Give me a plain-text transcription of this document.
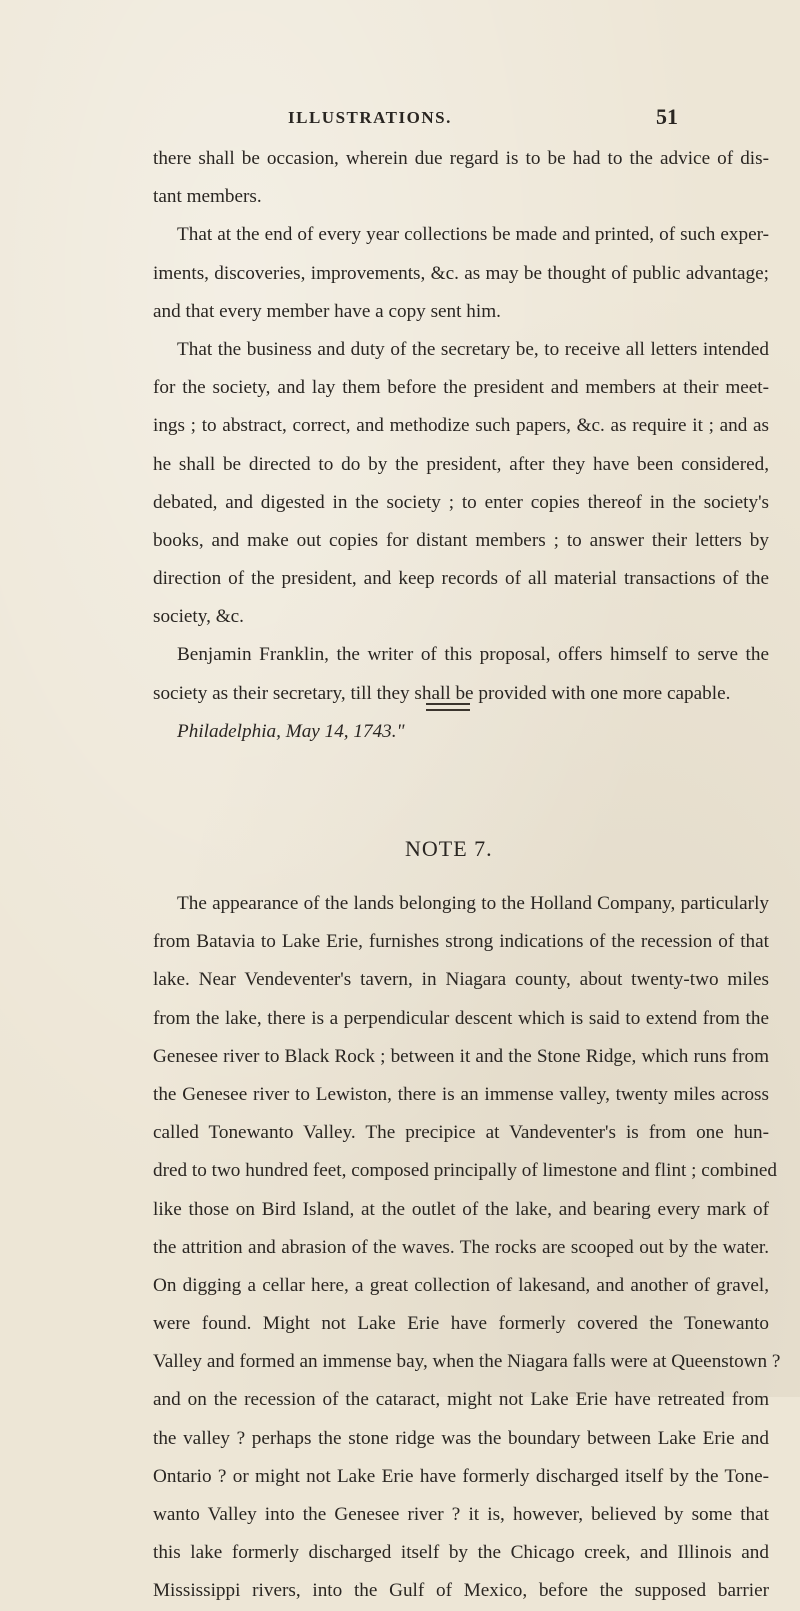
ILLUSTRATIONS.	51
there shall be occasion, wherein due regard is to be had to the advice of dis-
tant members.
That at the end of every year collections be made and printed, of such exper-
iments, discoveries, improvements, &c. as may be thought of public advantage;
and that every member have a copy sent him.
That the business and duty of the secretary be, to receive all letters intended
for the society, and lay them before the president and members at their meet-
ings ; to abstract, correct, and methodize such papers, &c. as require it ; and as
he shall be directed to do by the president, after they have been considered,
debated, and digested in the society ; to enter copies thereof in the society's
books, and make out copies for distant members ; to answer their letters by
direction of the president, and keep records of all material transactions of the
society, &c.
Benjamin Franklin, the writer of this proposal, offers himself to serve the
society as their secretary, till they shall be provided with one more capable.
Philadelphia, May 14, 1743."
NOTE 7.
The appearance of the lands belonging to the Holland Company, particularly
from Batavia to Lake Erie, furnishes strong indications of the recession of that
lake. Near Vendeventer's tavern, in Niagara county, about twenty-two miles
from the lake, there is a perpendicular descent which is said to extend from the
Genesee river to Black Rock ; between it and the Stone Ridge, which runs from
the Genesee river to Lewiston, there is an immense valley, twenty miles across
called Tonewanto Valley. The precipice at Vandeventer's is from one hun-
dred to two hundred feet, composed principally of limestone and flint ; combined
like those on Bird Island, at the outlet of the lake, and bearing every mark of
the attrition and abrasion of the waves. The rocks are scooped out by the water.
On digging a cellar here, a great collection of lakesand, and another of gravel,
were found. Might not Lake Erie have formerly covered the Tonewanto
Valley and formed an immense bay, when the Niagara falls were at Queenstown ?
and on the recession of the cataract, might not Lake Erie have retreated from
the valley ? perhaps the stone ridge was the boundary between Lake Erie and
Ontario ? or might not Lake Erie have formerly discharged itself by the Tone-
wanto Valley into the Genesee river ? it is, however, believed by some that
this lake formerly discharged itself by the Chicago creek, and Illinois and
Mississippi rivers, into the Gulf of Mexico, before the supposed barrier
